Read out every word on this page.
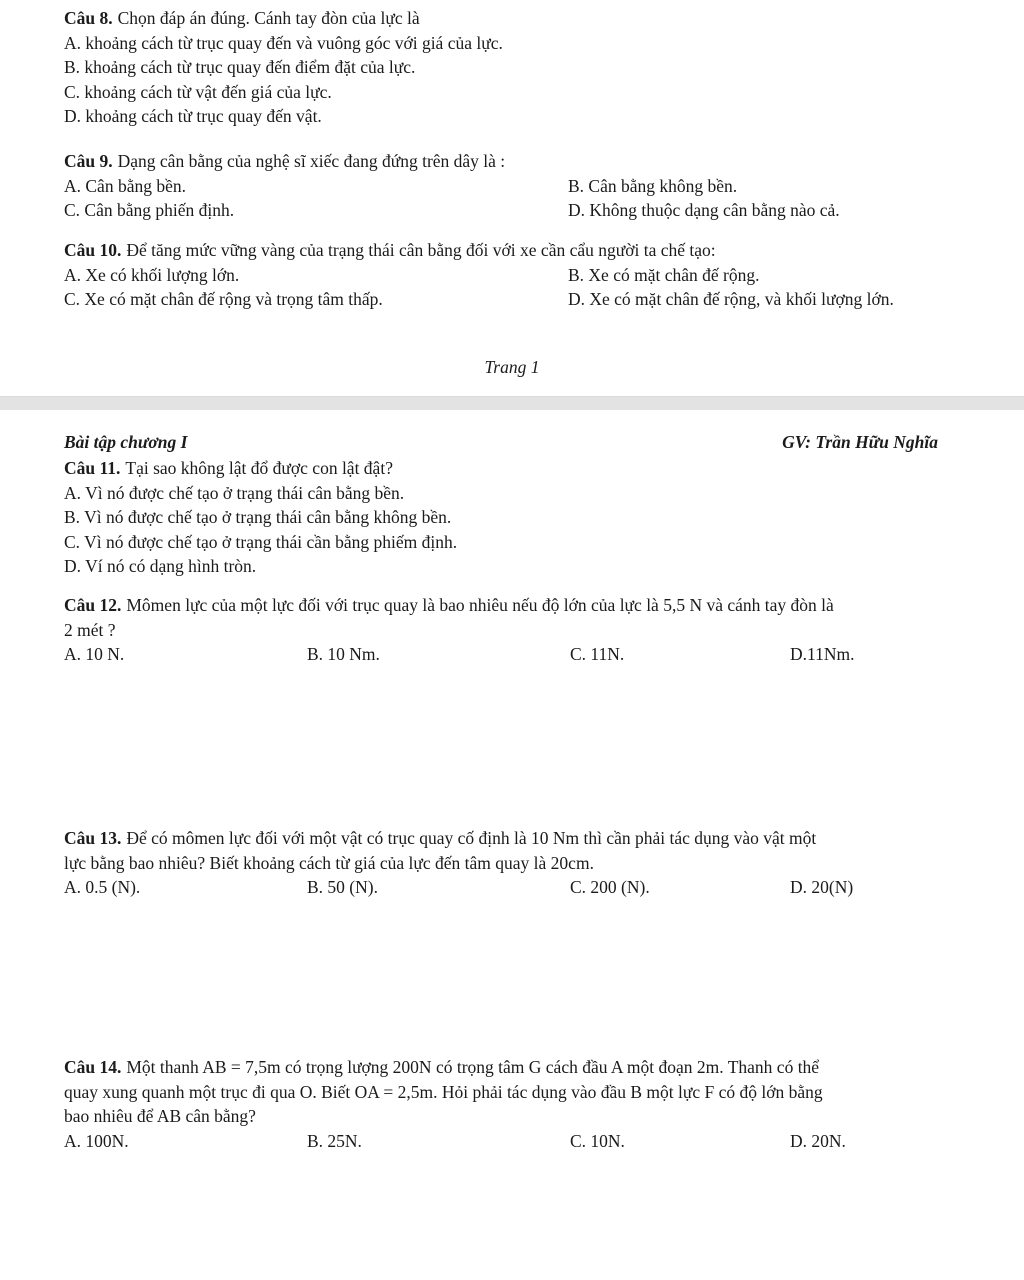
Câu 8. Chọn đáp án đúng. Cánh tay đòn của lực là
A. khoảng cách từ trục quay đến và vuông góc với giá của lực.
B. khoảng cách từ trục quay đến điểm đặt của lực.
C. khoảng cách từ vật đến giá của lực.
D. khoảng cách từ trục quay đến vật.
Câu 9. Dạng cân bằng của nghệ sĩ xiếc đang đứng trên dây là :
A. Cân bằng bền.	B. Cân bằng không bền.
C. Cân bằng phiến định.	D. Không thuộc dạng cân bằng nào cả.
Câu 10. Để tăng mức vững vàng của trạng thái cân bằng đối với xe cần cẩu người ta chế tạo:
A. Xe có khối lượng lớn.	B. Xe có mặt chân đế rộng.
C. Xe có mặt chân đế rộng và trọng tâm thấp.	D. Xe có mặt chân đế rộng, và khối lượng lớn.
Trang 1
Bài tập chương I	GV: Trần Hữu Nghĩa
Câu 11. Tại sao không lật đổ được con lật đật?
A. Vì nó được chế tạo ở trạng thái cân bằng bền.
B. Vì nó được chế tạo ở trạng thái cân bằng không bền.
C. Vì nó được chế tạo ở trạng thái cần bằng phiếm định.
D. Ví nó có dạng hình tròn.
Câu 12. Mômen lực của một lực đối với trục quay là bao nhiêu nếu độ lớn của lực là 5,5 N và cánh tay đòn là
2 mét ?
A. 10 N.	B. 10 Nm.	C. 11N.	D.11Nm.
Câu 13. Để có mômen lực đối với một vật có trục quay cố định là 10 Nm thì cần phải tác dụng vào vật một
lực bằng bao nhiêu? Biết khoảng cách từ giá của lực đến tâm quay là 20cm.
A. 0.5 (N).	B. 50 (N).	C. 200 (N).	D. 20(N)
Câu 14. Một thanh AB = 7,5m có trọng lượng 200N có trọng tâm G cách đầu A một đoạn 2m. Thanh có thể
quay xung quanh một trục đi qua O. Biết OA = 2,5m. Hỏi phải tác dụng vào đầu B một lực F có độ lớn bằng
bao nhiêu để AB cân bằng?
A. 100N.	B. 25N.	C. 10N.	D. 20N.
